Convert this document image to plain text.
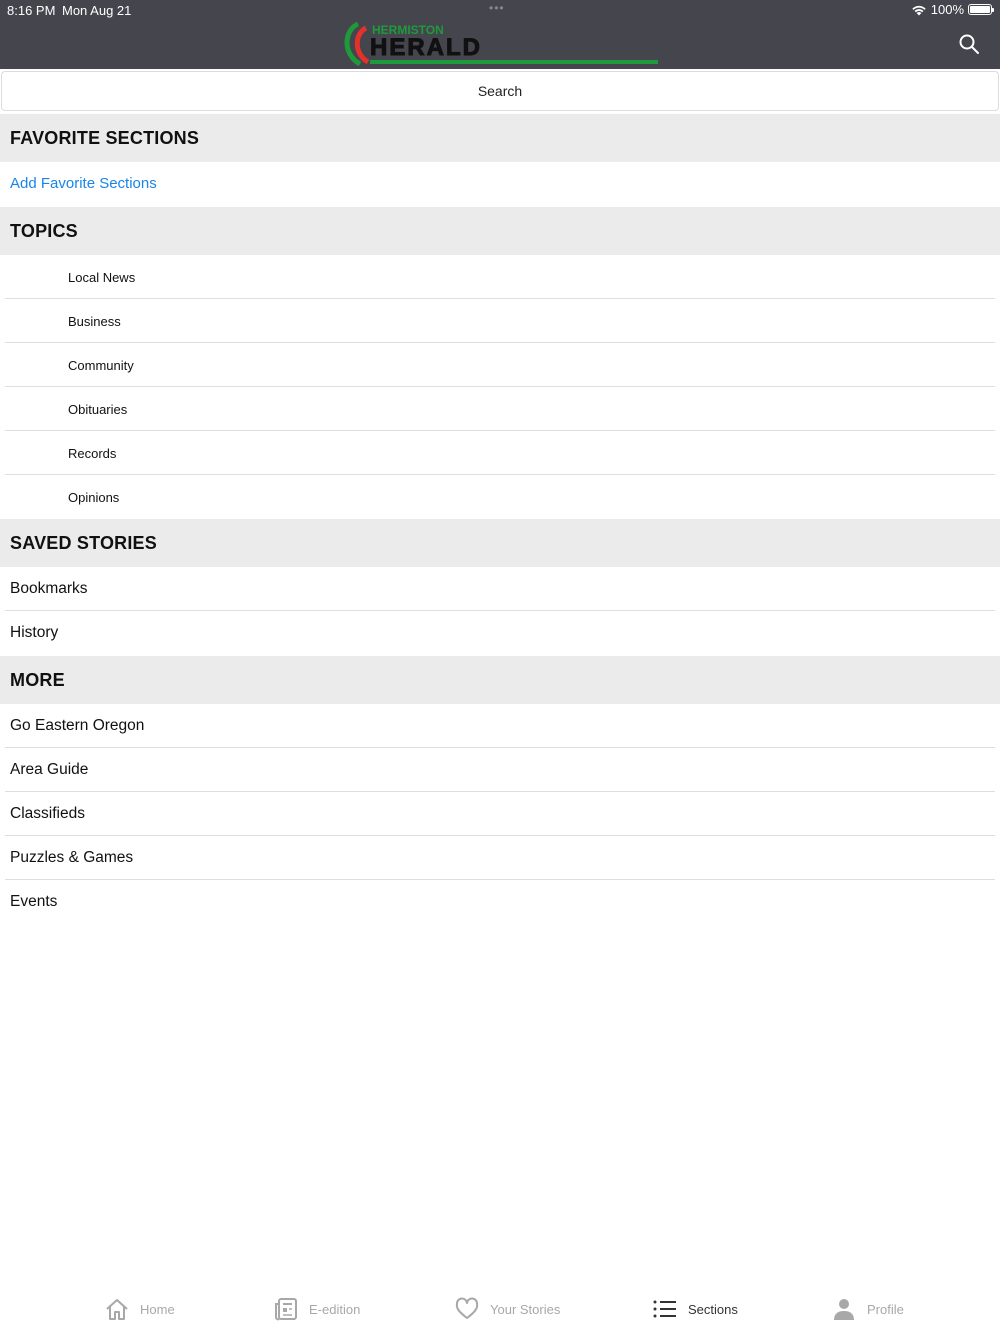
8:16 PM Mon Aug 21	•••	100%
HERMISTON
HERALD
Search
FAVORITE SECTIONS
Add Favorite Sections
TOPICS
Local News
Business
Community
Obituaries
Records
Opinions
SAVED STORIES
Bookmarks
History
MORE
Go Eastern Oregon
Area Guide
Classifieds
Puzzles & Games
Events
Home	E-edition	Your Stories	Sections	Profile
